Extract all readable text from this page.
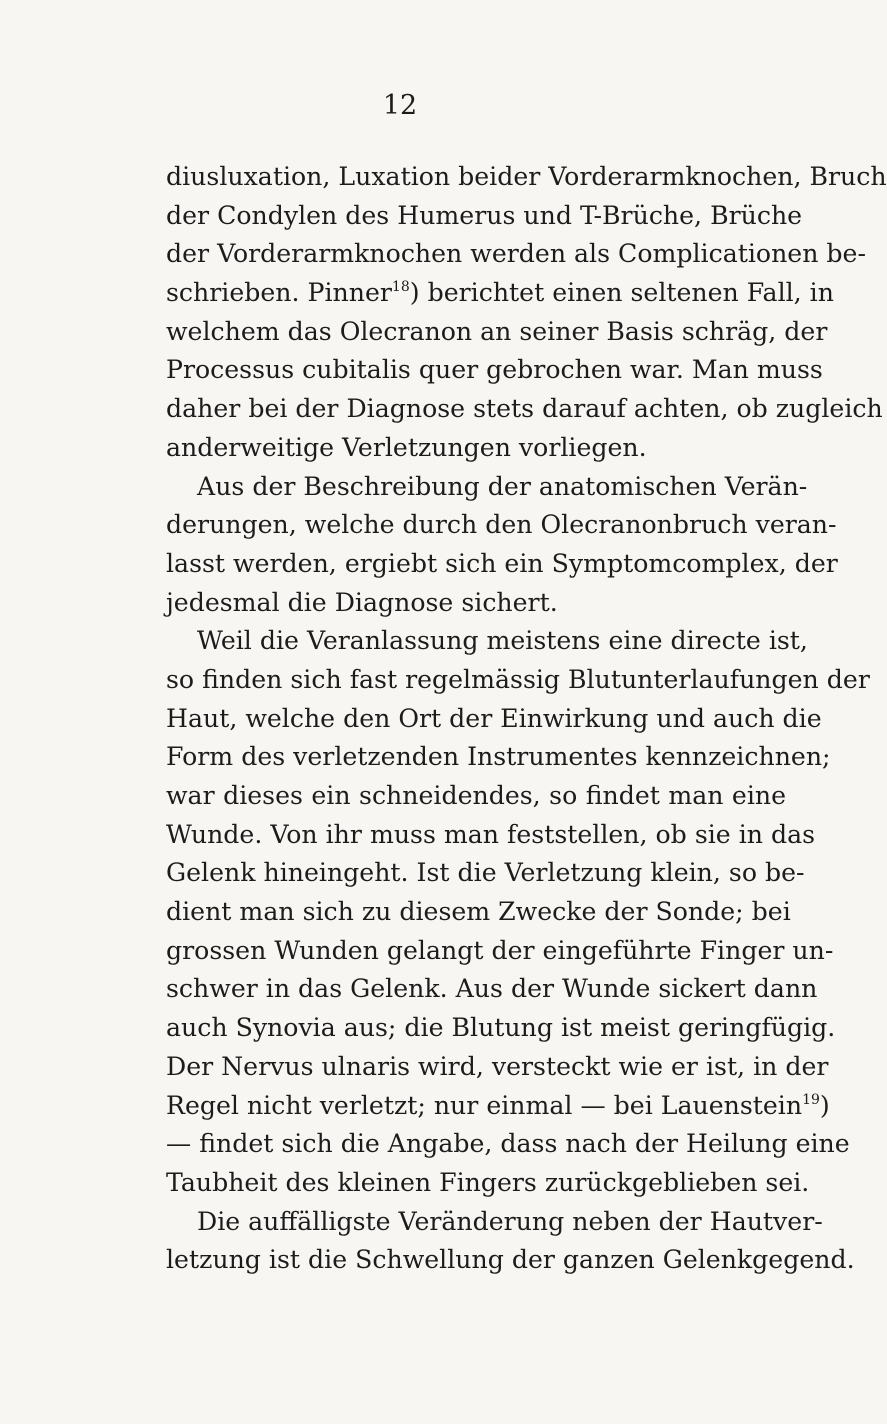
12
diusluxation, Luxation beider Vorderarmknochen, Bruch
der Condylen des Humerus und T-Brüche, Brüche
der Vorderarmknochen werden als Complicationen be-
schrieben. Pinner$^{18}$) berichtet einen seltenen Fall, in
welchem das Olecranon an seiner Basis schräg, der
Processus cubitalis quer gebrochen war. Man muss
daher bei der Diagnose stets darauf achten, ob zugleich
anderweitige Verletzungen vorliegen.
Aus der Beschreibung der anatomischen Verän-
derungen, welche durch den Olecranonbruch veran-
lasst werden, ergiebt sich ein Symptomcomplex, der
jedesmal die Diagnose sichert.
Weil die Veranlassung meistens eine directe ist,
so finden sich fast regelmässig Blutunterlaufungen der
Haut, welche den Ort der Einwirkung und auch die
Form des verletzenden Instrumentes kennzeichnen;
war dieses ein schneidendes, so findet man eine
Wunde. Von ihr muss man feststellen, ob sie in das
Gelenk hineingeht. Ist die Verletzung klein, so be-
dient man sich zu diesem Zwecke der Sonde; bei
grossen Wunden gelangt der eingeführte Finger un-
schwer in das Gelenk. Aus der Wunde sickert dann
auch Synovia aus; die Blutung ist meist geringfügig.
Der Nervus ulnaris wird, versteckt wie er ist, in der
Regel nicht verletzt; nur einmal — bei Lauenstein$^{19}$)
— findet sich die Angabe, dass nach der Heilung eine
Taubheit des kleinen Fingers zurückgeblieben sei.
Die auffälligste Veränderung neben der Hautver-
letzung ist die Schwellung der ganzen Gelenkgegend.
